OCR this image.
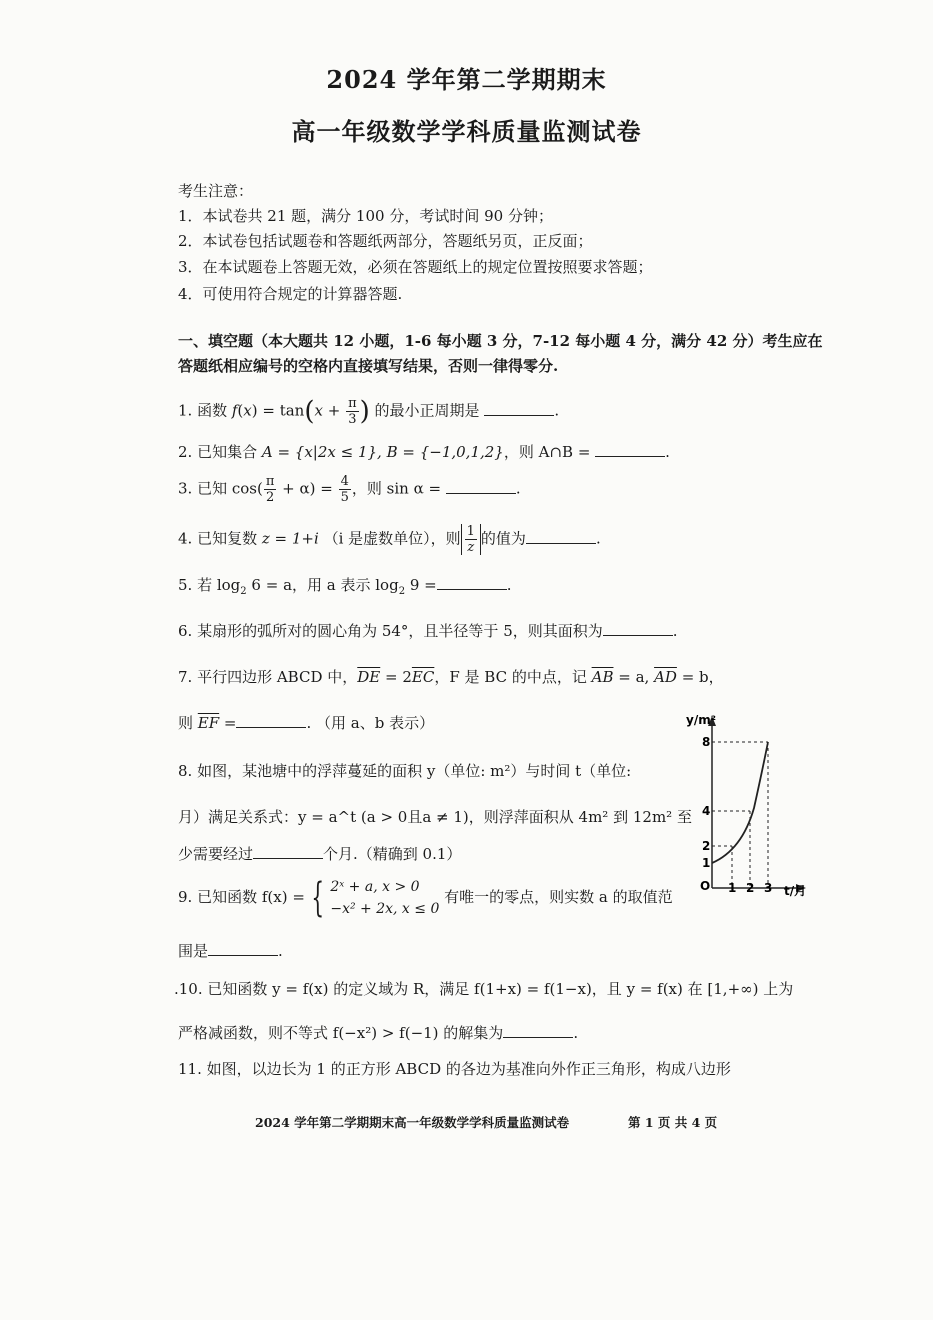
2024 学年第二学期期末
高一年级数学学科质量监测试卷
考生注意：
1．本试卷共 21 题，满分 100 分，考试时间 90 分钟；
2．本试卷包括试题卷和答题纸两部分，答题纸另页，正反面；
3．在本试题卷上答题无效，必须在答题纸上的规定位置按照要求答题；
4．可使用符合规定的计算器答题.
一、填空题（本大题共 12 小题，1-6 每小题 3 分，7-12 每小题 4 分，满分 42 分）考生应在
答题纸相应编号的空格内直接填写结果，否则一律得零分.
1. 函数 $f(x) = \tan(x + \frac{\pi}{3}$ ) 的最小正周期是	.
2. 已知集合 A = {x|2x ≤ 1}, B = {−1,0,1,2}，则 A∩B =	.
3. 已知 $\cos( \frac{\pi}{2} + \alpha) = \frac{4}{5}$ ，则 sin α =	.
4. 已知复数 z = 1+i （i 是虚数单位），则 $\frac{1}{z}$ 的值为	.
5. 若 $\log_2 6 = a$，用 a 表示 $\log_2 9$ =	.
6. 某扇形的弧所对的圆心角为 54°，且半径等于 5，则其面积为	.
7. 平行四边形 ABCD 中，$\overline{DE} = 2\overline{EC}$，F 是 BC 的中点，记 $\overline{AB} = a$, $\overline{AD} = b$，
则 $\overline{EF}$ =	. （用 a、b 表示）
8. 如图，某池塘中的浮萍蔓延的面积 y（单位: m²）与时间 t（单位:
月）满足关系式：y = a^t (a > 0且a ≠ 1)，则浮萍面积从 4m² 到 12m² 至
少需要经过	个月.（精确到 0.1）
9. 已知函数 f(x) = { 2ˣ + a, x > 0
−x² + 2x, x ≤ 0
有唯一的零点，则实数 a 的取值范
围是	.
.10. 已知函数 y = f(x) 的定义域为 R，满足 f(1+x) = f(1−x)，且 y = f(x) 在 [1,+∞) 上为
严格减函数，则不等式 f(−x²) > f(−1) 的解集为	.
11. 如图，以边长为 1 的正方形 ABCD 的各边为基准向外作正三角形，构成八边形
y/m²
8
4
2
1
O 1 2 3 t/月
2024 学年第二学期期末高一年级数学学科质量监测试卷	第 1 页 共 4 页
